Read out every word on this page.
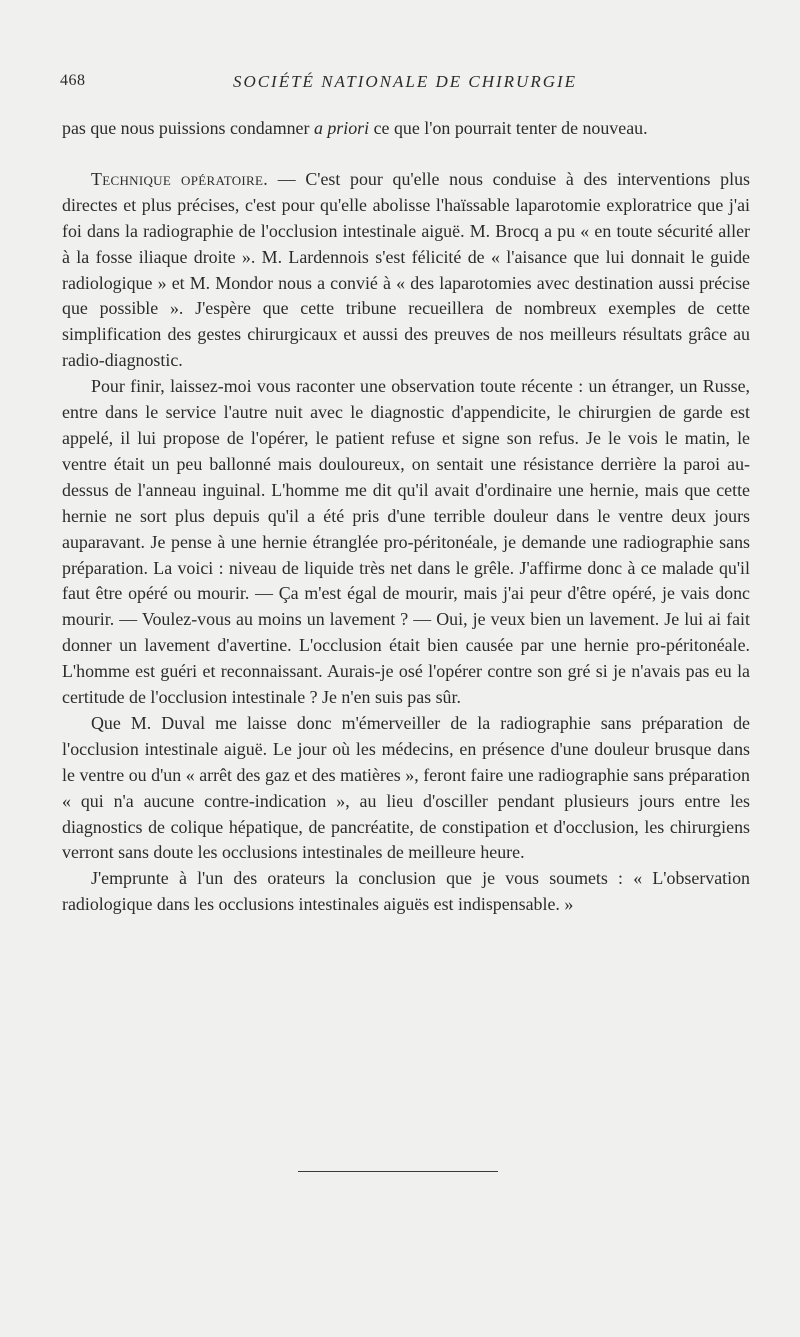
468	SOCIÉTÉ NATIONALE DE CHIRURGIE

pas que nous puissions condamner a priori ce que l'on pourrait tenter de nouveau.

Technique opératoire. — C'est pour qu'elle nous conduise à des interventions plus directes et plus précises, c'est pour qu'elle abolisse l'haïssable laparotomie exploratrice que j'ai foi dans la radiographie de l'occlusion intestinale aiguë. M. Brocq a pu « en toute sécurité aller à la fosse iliaque droite ». M. Lardennois s'est félicité de « l'aisance que lui donnait le guide radiologique » et M. Mondor nous a convié à « des laparotomies avec destination aussi précise que possible ». J'espère que cette tribune recueillera de nombreux exemples de cette simplification des gestes chirurgicaux et aussi des preuves de nos meilleurs résultats grâce au radio-diagnostic.

Pour finir, laissez-moi vous raconter une observation toute récente : un étranger, un Russe, entre dans le service l'autre nuit avec le diagnostic d'appendicite, le chirurgien de garde est appelé, il lui propose de l'opérer, le patient refuse et signe son refus. Je le vois le matin, le ventre était un peu ballonné mais douloureux, on sentait une résistance derrière la paroi au-dessus de l'anneau inguinal. L'homme me dit qu'il avait d'ordinaire une hernie, mais que cette hernie ne sort plus depuis qu'il a été pris d'une terrible douleur dans le ventre deux jours auparavant. Je pense à une hernie étranglée pro-péritonéale, je demande une radiographie sans préparation. La voici : niveau de liquide très net dans le grêle. J'affirme donc à ce malade qu'il faut être opéré ou mourir. — Ça m'est égal de mourir, mais j'ai peur d'être opéré, je vais donc mourir. — Voulez-vous au moins un lavement ? — Oui, je veux bien un lavement. Je lui ai fait donner un lavement d'avertine. L'occlusion était bien causée par une hernie pro-péritonéale. L'homme est guéri et reconnaissant. Aurais-je osé l'opérer contre son gré si je n'avais pas eu la certitude de l'occlusion intestinale ? Je n'en suis pas sûr.

Que M. Duval me laisse donc m'émerveiller de la radiographie sans préparation de l'occlusion intestinale aiguë. Le jour où les médecins, en présence d'une douleur brusque dans le ventre ou d'un « arrêt des gaz et des matières », feront faire une radiographie sans préparation « qui n'a aucune contre-indication », au lieu d'osciller pendant plusieurs jours entre les diagnostics de colique hépatique, de pancréatite, de constipation et d'occlusion, les chirurgiens verront sans doute les occlusions intestinales de meilleure heure.

J'emprunte à l'un des orateurs la conclusion que je vous soumets : « L'observation radiologique dans les occlusions intestinales aiguës est indispensable. »
